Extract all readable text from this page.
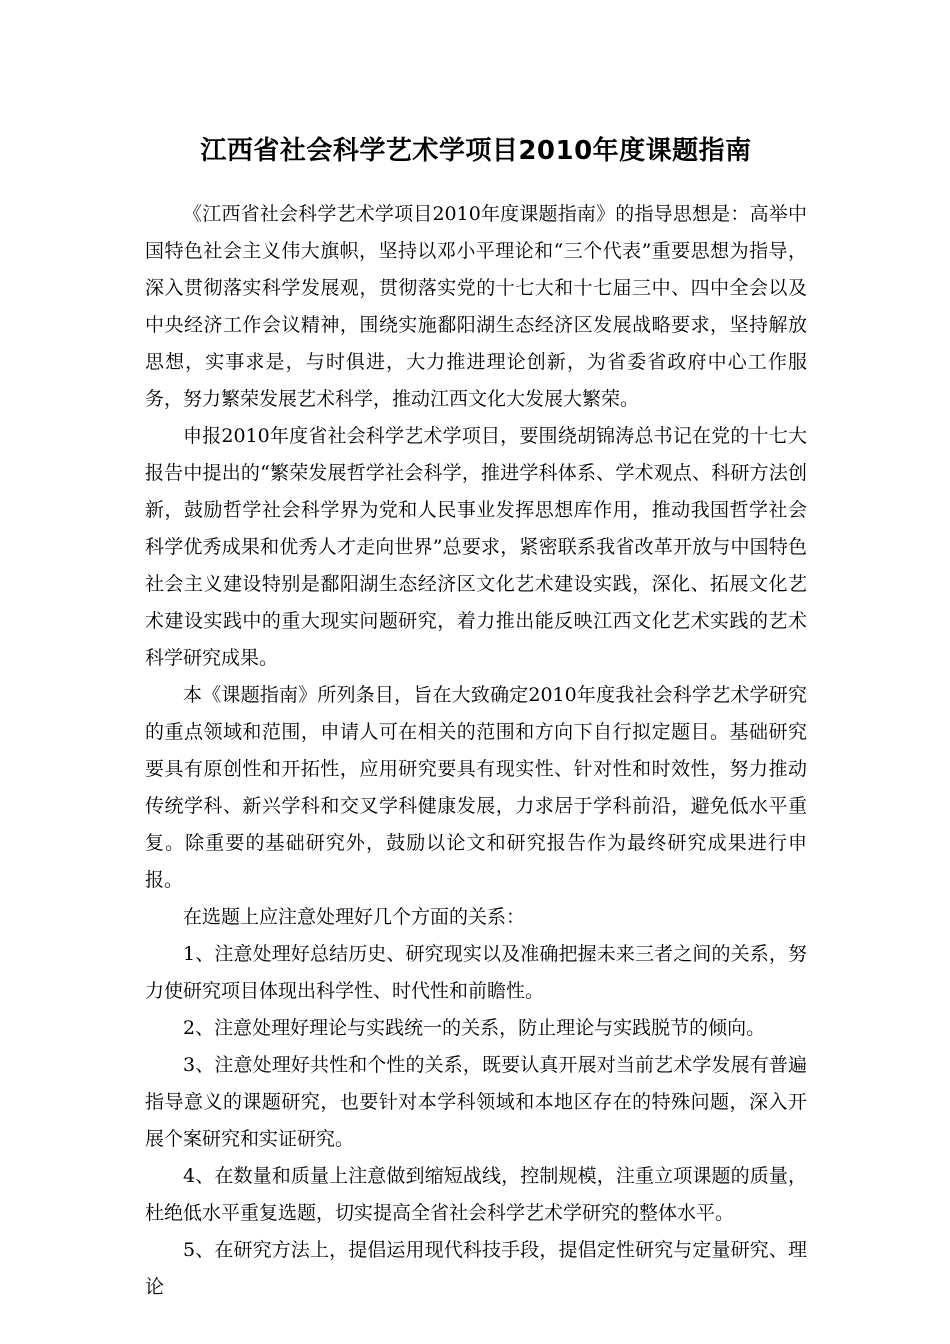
江西省社会科学艺术学项目2010年度课题指南

《江西省社会科学艺术学项目2010年度课题指南》的指导思想是：高举中国特色社会主义伟大旗帜，坚持以邓小平理论和“三个代表”重要思想为指导，深入贯彻落实科学发展观，贯彻落实党的十七大和十七届三中、四中全会以及中央经济工作会议精神，围绕实施鄱阳湖生态经济区发展战略要求，坚持解放思想，实事求是，与时俱进，大力推进理论创新，为省委省政府中心工作服务，努力繁荣发展艺术科学，推动江西文化大发展大繁荣。

申报2010年度省社会科学艺术学项目，要围绕胡锦涛总书记在党的十七大报告中提出的“繁荣发展哲学社会科学，推进学科体系、学术观点、科研方法创新，鼓励哲学社会科学界为党和人民事业发挥思想库作用，推动我国哲学社会科学优秀成果和优秀人才走向世界”总要求，紧密联系我省改革开放与中国特色社会主义建设特别是鄱阳湖生态经济区文化艺术建设实践，深化、拓展文化艺术建设实践中的重大现实问题研究，着力推出能反映江西文化艺术实践的艺术科学研究成果。

本《课题指南》所列条目，旨在大致确定2010年度我社会科学艺术学研究的重点领域和范围，申请人可在相关的范围和方向下自行拟定题目。基础研究要具有原创性和开拓性，应用研究要具有现实性、针对性和时效性，努力推动传统学科、新兴学科和交叉学科健康发展，力求居于学科前沿，避免低水平重复。除重要的基础研究外，鼓励以论文和研究报告作为最终研究成果进行申报。

在选题上应注意处理好几个方面的关系：

1、注意处理好总结历史、研究现实以及准确把握未来三者之间的关系，努力使研究项目体现出科学性、时代性和前瞻性。

2、注意处理好理论与实践统一的关系，防止理论与实践脱节的倾向。

3、注意处理好共性和个性的关系，既要认真开展对当前艺术学发展有普遍指导意义的课题研究，也要针对本学科领域和本地区存在的特殊问题，深入开展个案研究和实证研究。

4、在数量和质量上注意做到缩短战线，控制规模，注重立项课题的质量，杜绝低水平重复选题，切实提高全省社会科学艺术学研究的整体水平。

5、在研究方法上，提倡运用现代科技手段，提倡定性研究与定量研究、理论
